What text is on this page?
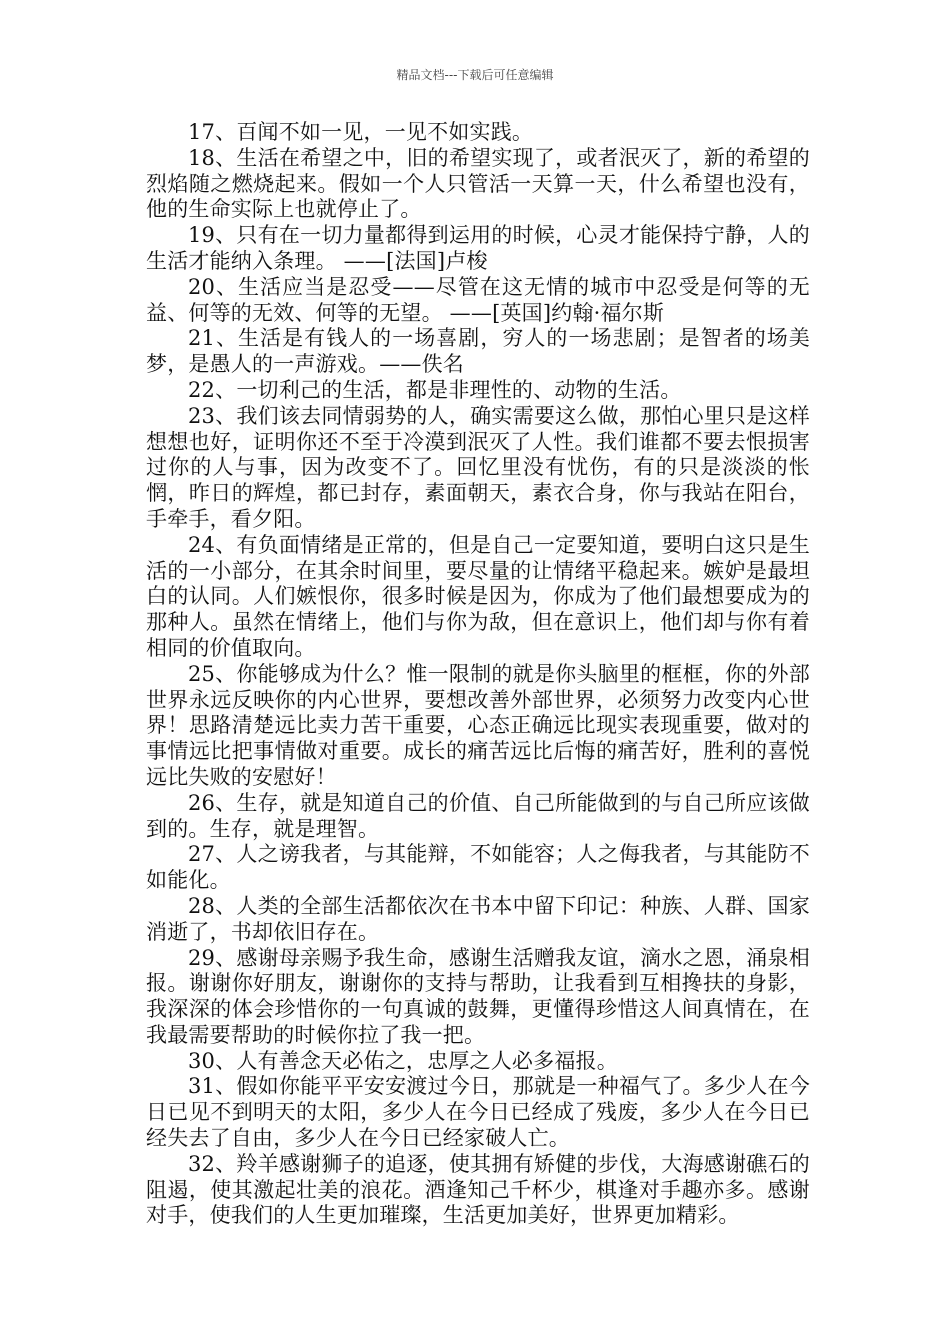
精品文档---下载后可任意编辑

17、百闻不如一见，一见不如实践。

18、生活在希望之中，旧的希望实现了，或者泯灭了，新的希望的烈焰随之燃烧起来。假如一个人只管活一天算一天，什么希望也没有，他的生命实际上也就停止了。

19、只有在一切力量都得到运用的时候，心灵才能保持宁静，人的生活才能纳入条理。 ——[法国]卢梭

20、生活应当是忍受——尽管在这无情的城市中忍受是何等的无益、何等的无效、何等的无望。 ——[英国]约翰·福尔斯

21、生活是有钱人的一场喜剧，穷人的一场悲剧；是智者的场美梦，是愚人的一声游戏。——佚名

22、一切利己的生活，都是非理性的、动物的生活。

23、我们该去同情弱势的人，确实需要这么做，那怕心里只是这样想想也好，证明你还不至于冷漠到泯灭了人性。我们谁都不要去恨损害过你的人与事，因为改变不了。回忆里没有忧伤，有的只是淡淡的怅惘，昨日的辉煌，都已封存，素面朝天，素衣合身，你与我站在阳台，手牵手，看夕阳。

24、有负面情绪是正常的，但是自己一定要知道，要明白这只是生活的一小部分，在其余时间里，要尽量的让情绪平稳起来。嫉妒是最坦白的认同。人们嫉恨你，很多时候是因为，你成为了他们最想要成为的那种人。虽然在情绪上，他们与你为敌，但在意识上，他们却与你有着相同的价值取向。

25、你能够成为什么？惟一限制的就是你头脑里的框框，你的外部世界永远反映你的内心世界，要想改善外部世界，必须努力改变内心世界！思路清楚远比卖力苦干重要，心态正确远比现实表现重要，做对的事情远比把事情做对重要。成长的痛苦远比后悔的痛苦好，胜利的喜悦远比失败的安慰好！

26、生存，就是知道自己的价值、自己所能做到的与自己所应该做到的。生存，就是理智。

27、人之谤我者，与其能辩，不如能容；人之侮我者，与其能防不如能化。

28、人类的全部生活都依次在书本中留下印记：种族、人群、国家消逝了，书却依旧存在。

29、感谢母亲赐予我生命，感谢生活赠我友谊，滴水之恩，涌泉相报。谢谢你好朋友，谢谢你的支持与帮助，让我看到互相搀扶的身影，我深深的体会珍惜你的一句真诚的鼓舞，更懂得珍惜这人间真情在，在我最需要帮助的时候你拉了我一把。

30、人有善念天必佑之，忠厚之人必多福报。

31、假如你能平平安安渡过今日，那就是一种福气了。多少人在今日已见不到明天的太阳，多少人在今日已经成了残废，多少人在今日已经失去了自由，多少人在今日已经家破人亡。

32、羚羊感谢狮子的追逐，使其拥有矫健的步伐，大海感谢礁石的阻遏，使其激起壮美的浪花。酒逢知己千杯少，棋逢对手趣亦多。感谢对手，使我们的人生更加璀璨，生活更加美好，世界更加精彩。
